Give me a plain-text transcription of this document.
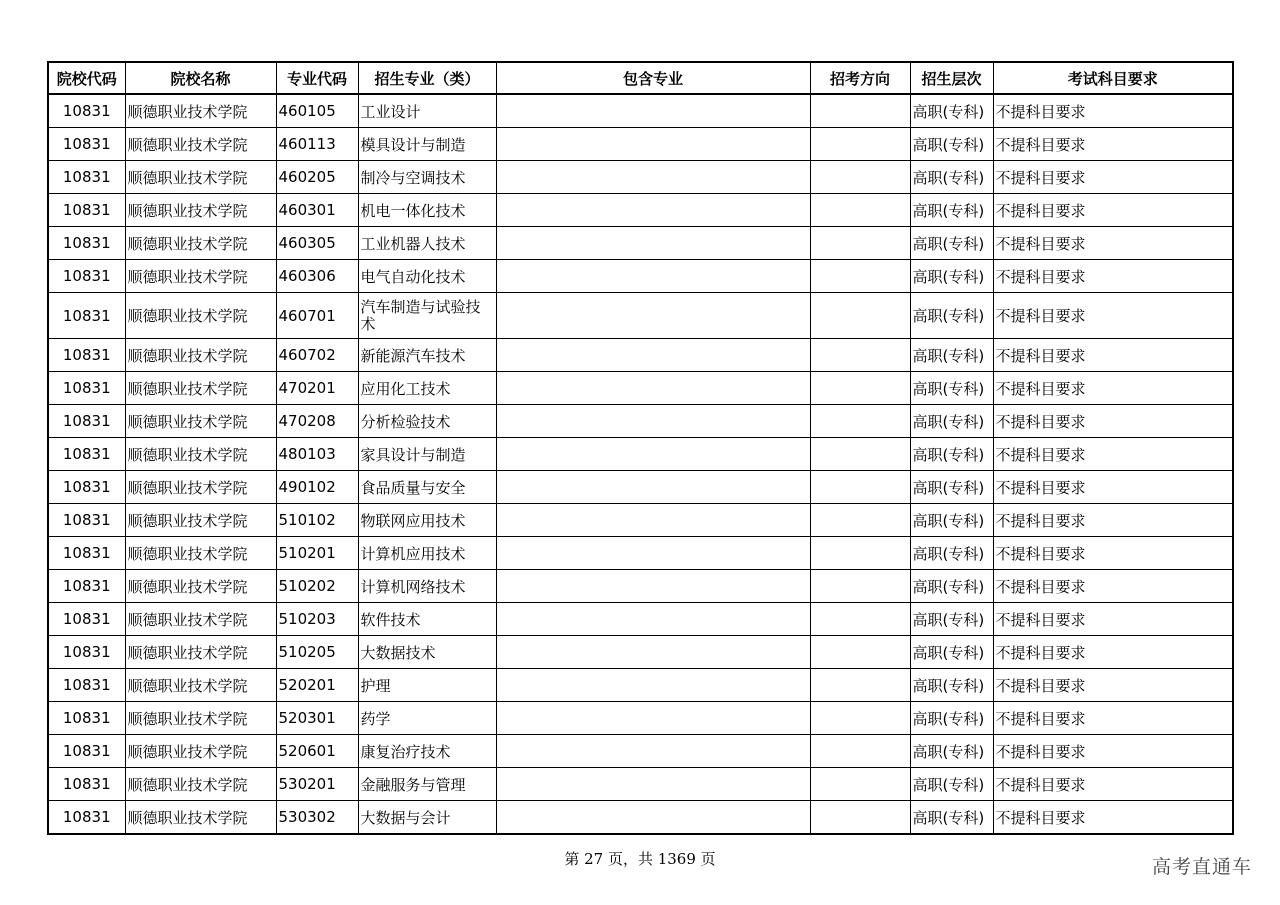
院校代码	院校名称	专业代码	招生专业（类）	包含专业	招考方向	招生层次	考试科目要求
10831	顺德职业技术学院	460105	工业设计			高职(专科)	不提科目要求
10831	顺德职业技术学院	460113	模具设计与制造			高职(专科)	不提科目要求
10831	顺德职业技术学院	460205	制冷与空调技术			高职(专科)	不提科目要求
10831	顺德职业技术学院	460301	机电一体化技术			高职(专科)	不提科目要求
10831	顺德职业技术学院	460305	工业机器人技术			高职(专科)	不提科目要求
10831	顺德职业技术学院	460306	电气自动化技术			高职(专科)	不提科目要求
10831	顺德职业技术学院	460701	汽车制造与试验技术			高职(专科)	不提科目要求
10831	顺德职业技术学院	460702	新能源汽车技术			高职(专科)	不提科目要求
10831	顺德职业技术学院	470201	应用化工技术			高职(专科)	不提科目要求
10831	顺德职业技术学院	470208	分析检验技术			高职(专科)	不提科目要求
10831	顺德职业技术学院	480103	家具设计与制造			高职(专科)	不提科目要求
10831	顺德职业技术学院	490102	食品质量与安全			高职(专科)	不提科目要求
10831	顺德职业技术学院	510102	物联网应用技术			高职(专科)	不提科目要求
10831	顺德职业技术学院	510201	计算机应用技术			高职(专科)	不提科目要求
10831	顺德职业技术学院	510202	计算机网络技术			高职(专科)	不提科目要求
10831	顺德职业技术学院	510203	软件技术			高职(专科)	不提科目要求
10831	顺德职业技术学院	510205	大数据技术			高职(专科)	不提科目要求
10831	顺德职业技术学院	520201	护理			高职(专科)	不提科目要求
10831	顺德职业技术学院	520301	药学			高职(专科)	不提科目要求
10831	顺德职业技术学院	520601	康复治疗技术			高职(专科)	不提科目要求
10831	顺德职业技术学院	530201	金融服务与管理			高职(专科)	不提科目要求
10831	顺德职业技术学院	530302	大数据与会计			高职(专科)	不提科目要求
第 27 页，共 1369 页	高考直通车
